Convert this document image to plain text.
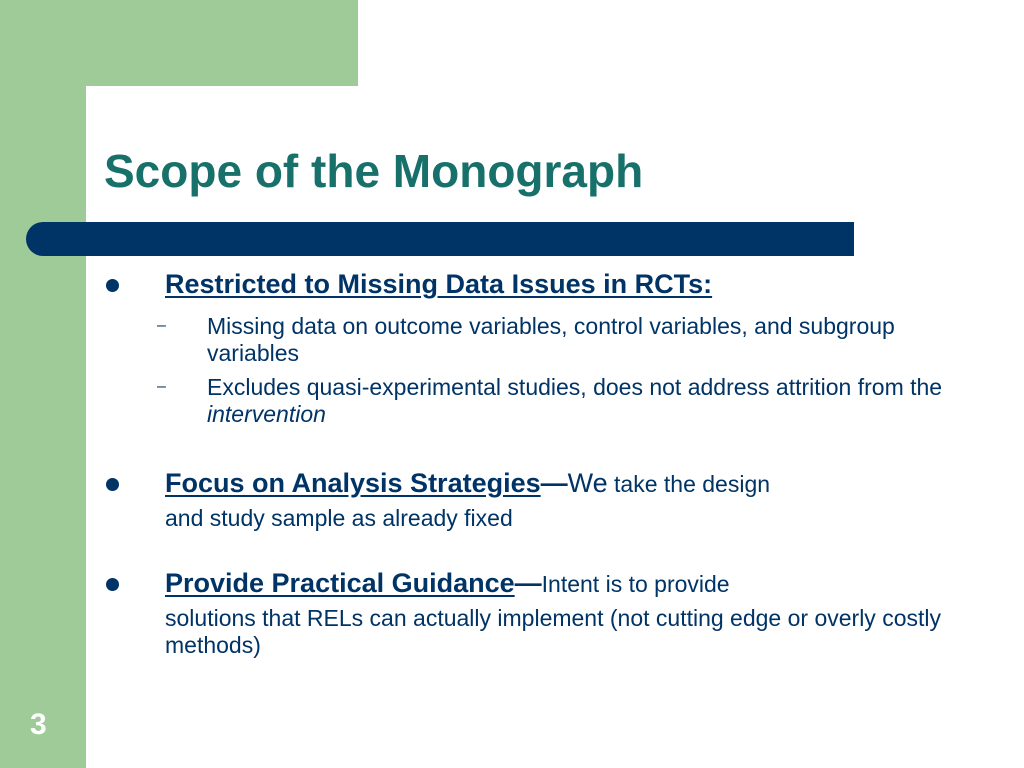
Scope of the Monograph
Restricted to Missing Data Issues in RCTs:
– Missing data on outcome variables, control variables, and subgroup variables
– Excludes quasi-experimental studies, does not address attrition from the intervention
Focus on Analysis Strategies—We take the design
and study sample as already fixed
Provide Practical Guidance—Intent is to provide
solutions that RELs can actually implement (not cutting edge or overly costly methods)
3
